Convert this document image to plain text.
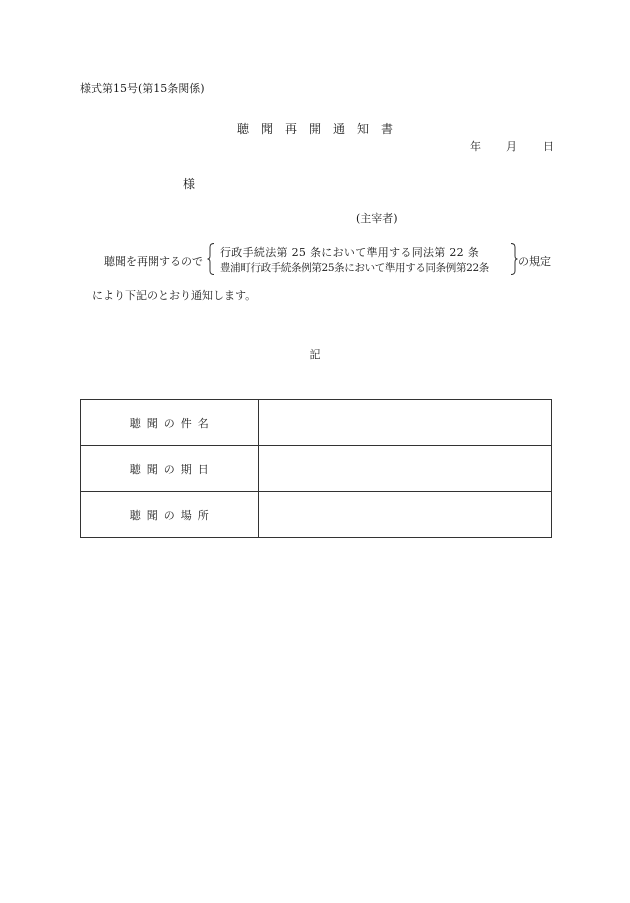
様式第15号(第15条関係)
聴聞再開通知書
年 月 日
様
(主宰者)
聴聞を再開するので
行政手続法第 25 条において準用する同法第 22 条
豊浦町行政手続条例第25条において準用する同条例第22条	の規定
により下記のとおり通知します。
記
聴聞の件名	
聴聞の期日	
聴聞の場所	
